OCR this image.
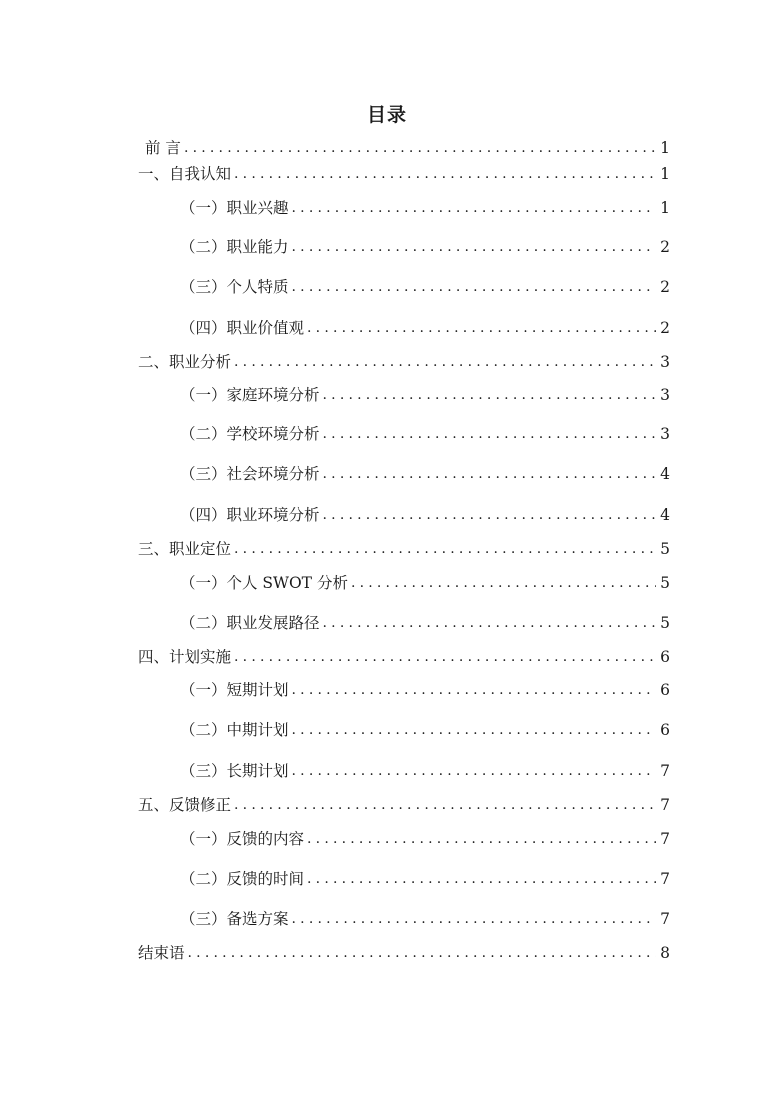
目录
前 言 .....	1
一、自我认知 .....	1
（一）职业兴趣 .....	1
（二）职业能力 .....	2
（三）个人特质 .....	2
（四）职业价值观 .....	2
二、职业分析 .....	3
（一）家庭环境分析 .....	3
（二）学校环境分析 .....	3
（三）社会环境分析 .....	4
（四）职业环境分析 .....	4
三、职业定位 .....	5
（一）个人 SWOT 分析 .....	5
（二）职业发展路径 .....	5
四、计划实施 .....	6
（一）短期计划 .....	6
（二）中期计划 .....	6
（三）长期计划 .....	7
五、反馈修正 .....	7
（一）反馈的内容 .....	7
（二）反馈的时间 .....	7
（三）备选方案 .....	7
结束语 .....	8
